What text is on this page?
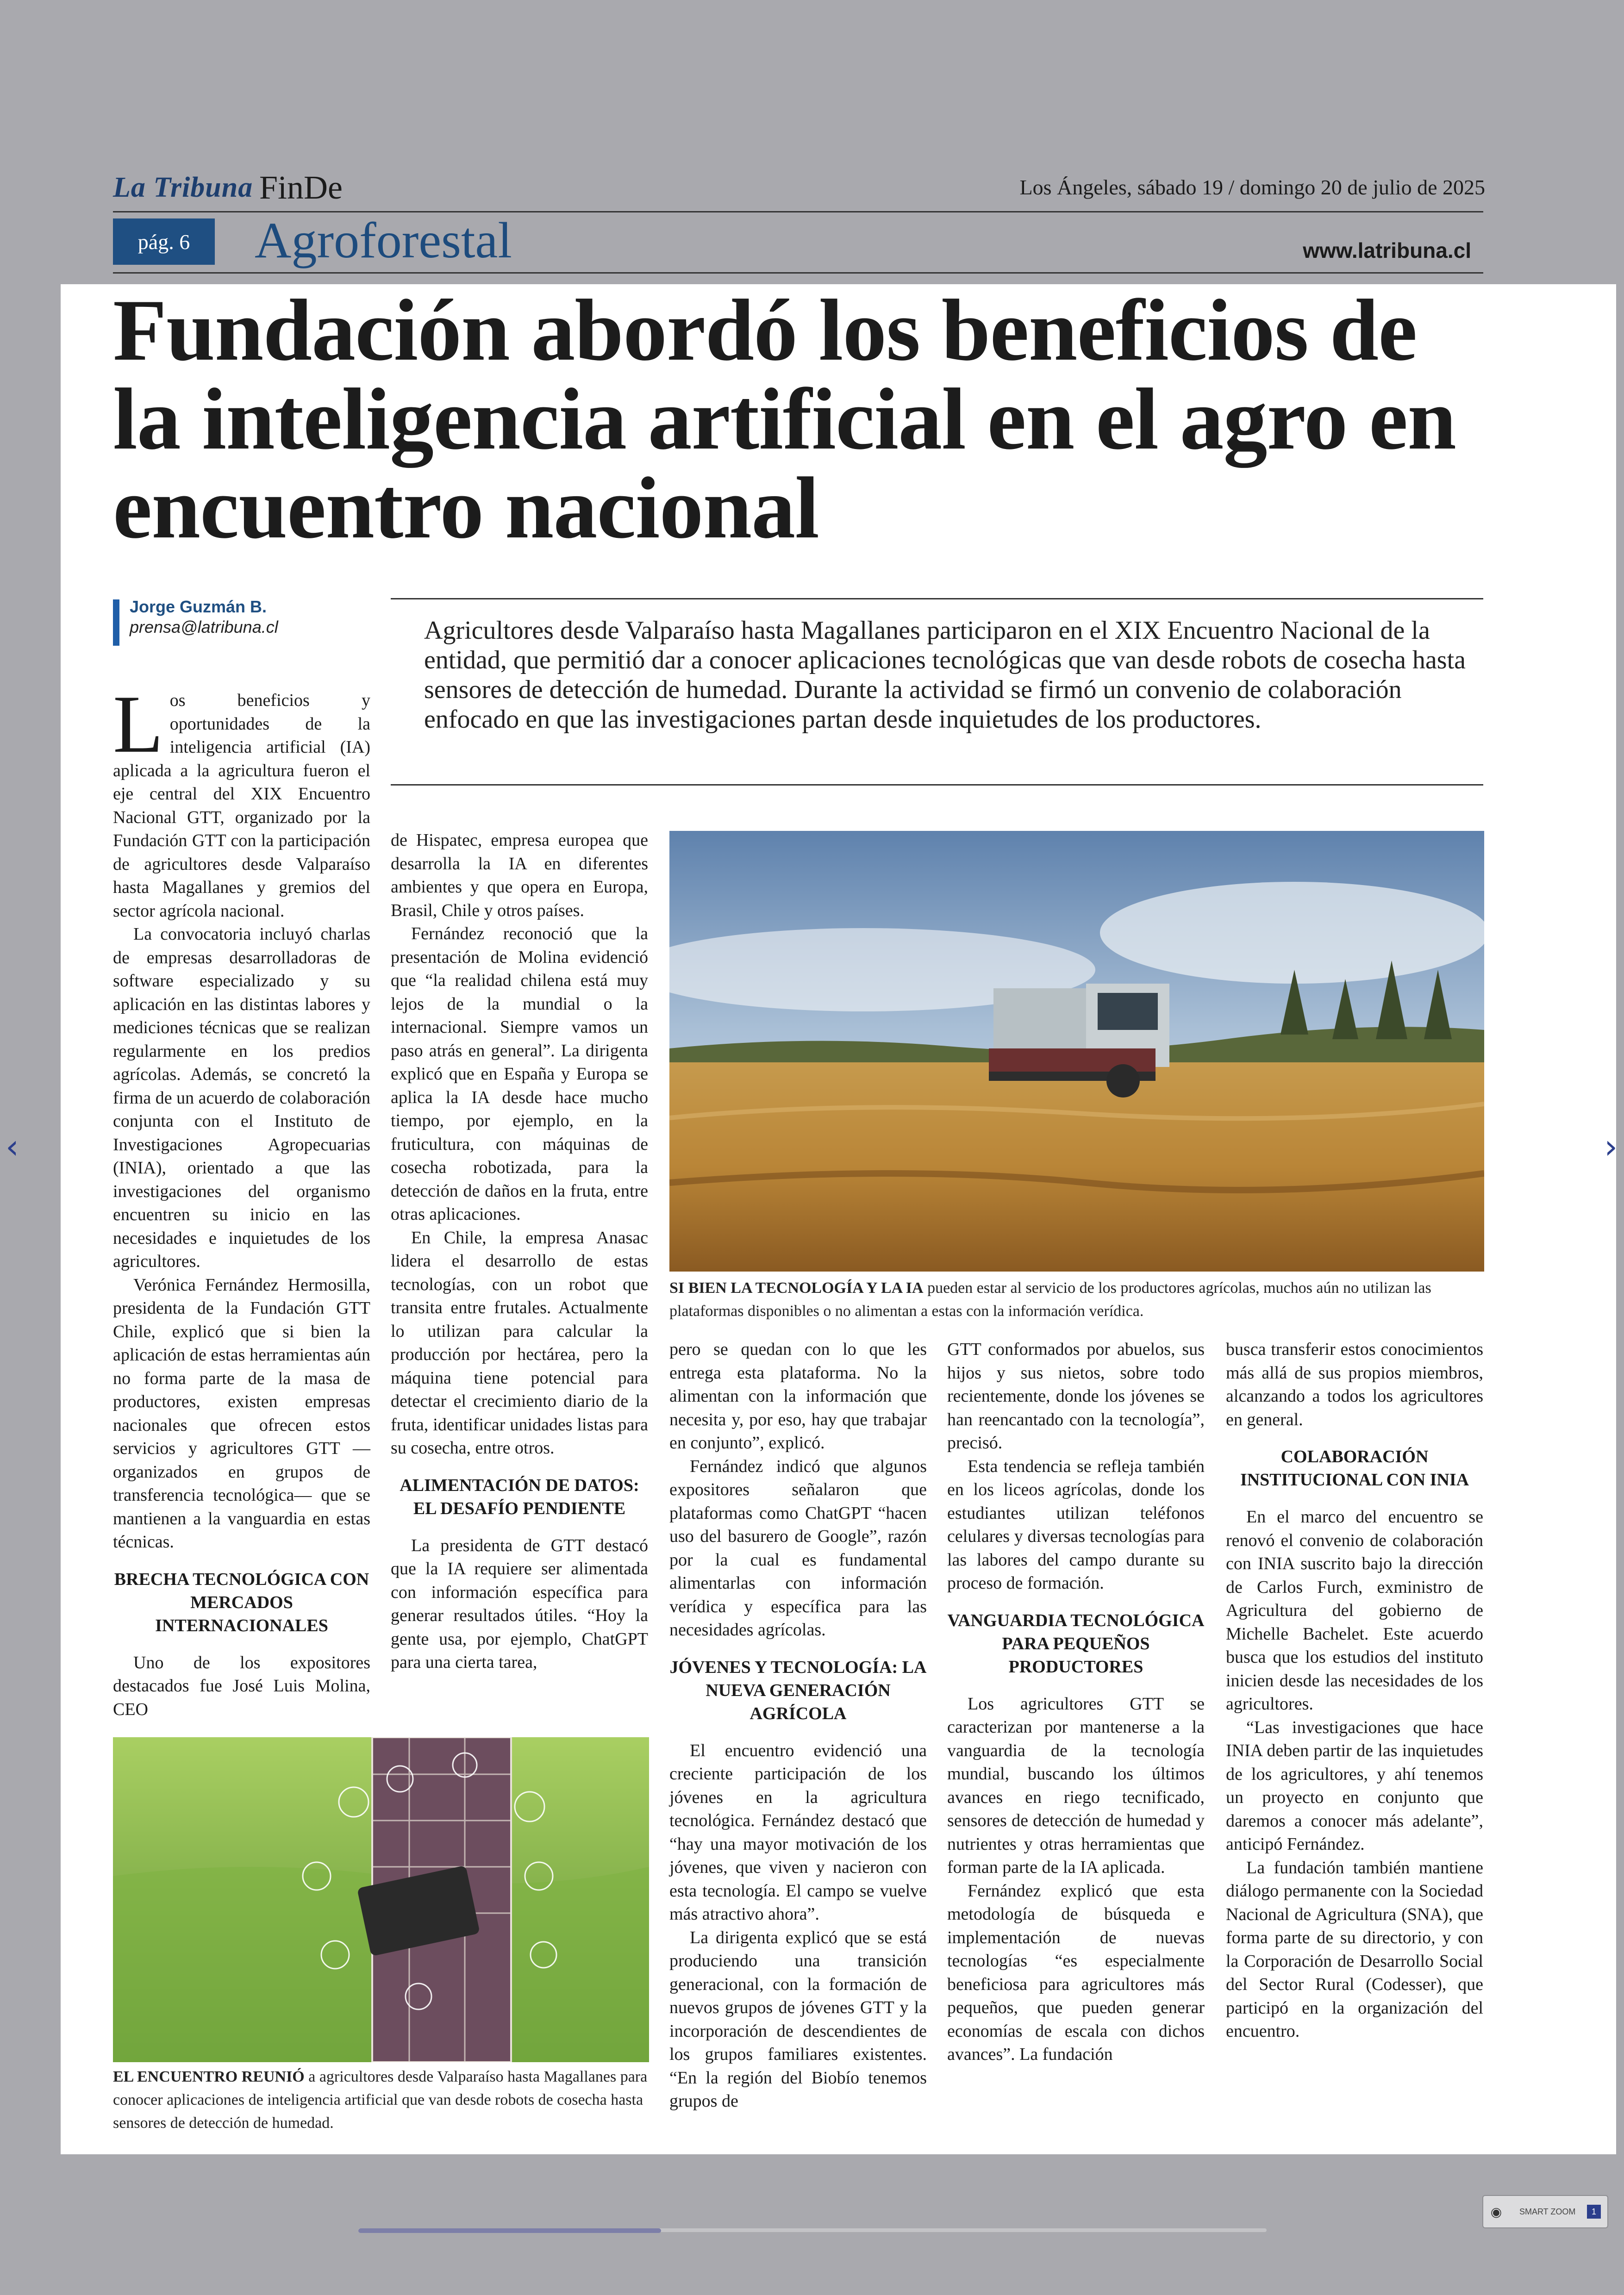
La Tribuna FinDe	Los Ángeles, sábado 19 / domingo 20 de julio de 2025
pág. 6	Agroforestal	www.latribuna.cl
Fundación abordó los beneficios de la inteligencia artificial en el agro en encuentro nacional
Jorge Guzmán B.
prensa@latribuna.cl	Agricultores desde Valparaíso hasta Magallanes participaron en el XIX Encuentro Nacional de la entidad, que permitió dar a conocer aplicaciones tecnológicas que van desde robots de cosecha hasta sensores de detección de humedad. Durante la actividad se firmó un convenio de colaboración enfocado en que las investigaciones partan desde inquietudes de los productores.

Los beneficios y oportunidades de la inteligencia artificial (IA) aplicada a la agricultura fueron el eje central del XIX Encuentro Nacional GTT, organizado por la Fundación GTT con la participación de agricultores desde Valparaíso hasta Magallanes y gremios del sector agrícola nacional.

La convocatoria incluyó charlas de empresas desarrolladoras de software especializado y su aplicación en las distintas labores y mediciones técnicas que se realizan regularmente en los predios agrícolas. Además, se concretó la firma de un acuerdo de colaboración conjunta con el Instituto de Investigaciones Agropecuarias (INIA), orientado a que las investigaciones del organismo encuentren su inicio en las necesidades e inquietudes de los agricultores.

Verónica Fernández Hermosilla, presidenta de la Fundación GTT Chile, explicó que si bien la aplicación de estas herramientas aún no forma parte de la masa de productores, existen empresas nacionales que ofrecen estos servicios y agricultores GTT —organizados en grupos de transferencia tecnológica— que se mantienen a la vanguardia en estas técnicas.

BRECHA TECNOLÓGICA CON MERCADOS INTERNACIONALES

Uno de los expositores destacados fue José Luis Molina, CEO

de Hispatec, empresa europea que desarrolla la IA en diferentes ambientes y que opera en Europa, Brasil, Chile y otros países.

Fernández reconoció que la presentación de Molina evidenció que “la realidad chilena está muy lejos de la mundial o la internacional. Siempre vamos un paso atrás en general”. La dirigenta explicó que en España y Europa se aplica la IA desde hace mucho tiempo, por ejemplo, en la fruticultura, con máquinas de cosecha robotizada, para la detección de daños en la fruta, entre otras aplicaciones.

En Chile, la empresa Anasac lidera el desarrollo de estas tecnologías, con un robot que transita entre frutales. Actualmente lo utilizan para calcular la producción por hectárea, pero la máquina tiene potencial para detectar el crecimiento diario de la fruta, identificar unidades listas para su cosecha, entre otros.

ALIMENTACIÓN DE DATOS: EL DESAFÍO PENDIENTE

La presidenta de GTT destacó que la IA requiere ser alimentada con información específica para generar resultados útiles. “Hoy la gente usa, por ejemplo, ChatGPT para una cierta tarea,

SI BIEN LA TECNOLOGÍA Y LA IA pueden estar al servicio de los productores agrícolas, muchos aún no utilizan las plataformas disponibles o no alimentan a estas con la información verídica.

pero se quedan con lo que les entrega esta plataforma. No la alimentan con la información que necesita y, por eso, hay que trabajar en conjunto”, explicó.

Fernández indicó que algunos expositores señalaron que plataformas como ChatGPT “hacen uso del basurero de Google”, razón por la cual es fundamental alimentarlas con información verídica y específica para las necesidades agrícolas.

JÓVENES Y TECNOLOGÍA: LA NUEVA GENERACIÓN AGRÍCOLA

El encuentro evidenció una creciente participación de los jóvenes en la agricultura tecnológica. Fernández destacó que “hay una mayor motivación de los jóvenes, que viven y nacieron con esta tecnología. El campo se vuelve más atractivo ahora”.

La dirigenta explicó que se está produciendo una transición generacional, con la formación de nuevos grupos de jóvenes GTT y la incorporación de descendientes de los grupos familiares existentes. “En la región del Biobío tenemos grupos de

GTT conformados por abuelos, sus hijos y sus nietos, sobre todo recientemente, donde los jóvenes se han reencantado con la tecnología”, precisó.

Esta tendencia se refleja también en los liceos agrícolas, donde los estudiantes utilizan teléfonos celulares y diversas tecnologías para las labores del campo durante su proceso de formación.

VANGUARDIA TECNOLÓGICA PARA PEQUEÑOS PRODUCTORES

Los agricultores GTT se caracterizan por mantenerse a la vanguardia de la tecnología mundial, buscando los últimos avances en riego tecnificado, sensores de detección de humedad y nutrientes y otras herramientas que forman parte de la IA aplicada.

Fernández explicó que esta metodología de búsqueda e implementación de nuevas tecnologías “es especialmente beneficiosa para agricultores más pequeños, que pueden generar economías de escala con dichos avances”. La fundación

busca transferir estos conocimientos más allá de sus propios miembros, alcanzando a todos los agricultores en general.

COLABORACIÓN INSTITUCIONAL CON INIA

En el marco del encuentro se renovó el convenio de colaboración con INIA suscrito bajo la dirección de Carlos Furch, exministro de Agricultura del gobierno de Michelle Bachelet. Este acuerdo busca que los estudios del instituto inicien desde las necesidades de los agricultores.

“Las investigaciones que hace INIA deben partir de las inquietudes de los agricultores, y ahí tenemos un proyecto en conjunto que daremos a conocer más adelante”, anticipó Fernández.

La fundación también mantiene diálogo permanente con la Sociedad Nacional de Agricultura (SNA), que forma parte de su directorio, y con la Corporación de Desarrollo Social del Sector Rural (Codesser), que participó en la organización del encuentro.

EL ENCUENTRO REUNIÓ a agricultores desde Valparaíso hasta Magallanes para conocer aplicaciones de inteligencia artificial que van desde robots de cosecha hasta sensores de detección de humedad.
‹	›
◉	SMART ZOOM	1
